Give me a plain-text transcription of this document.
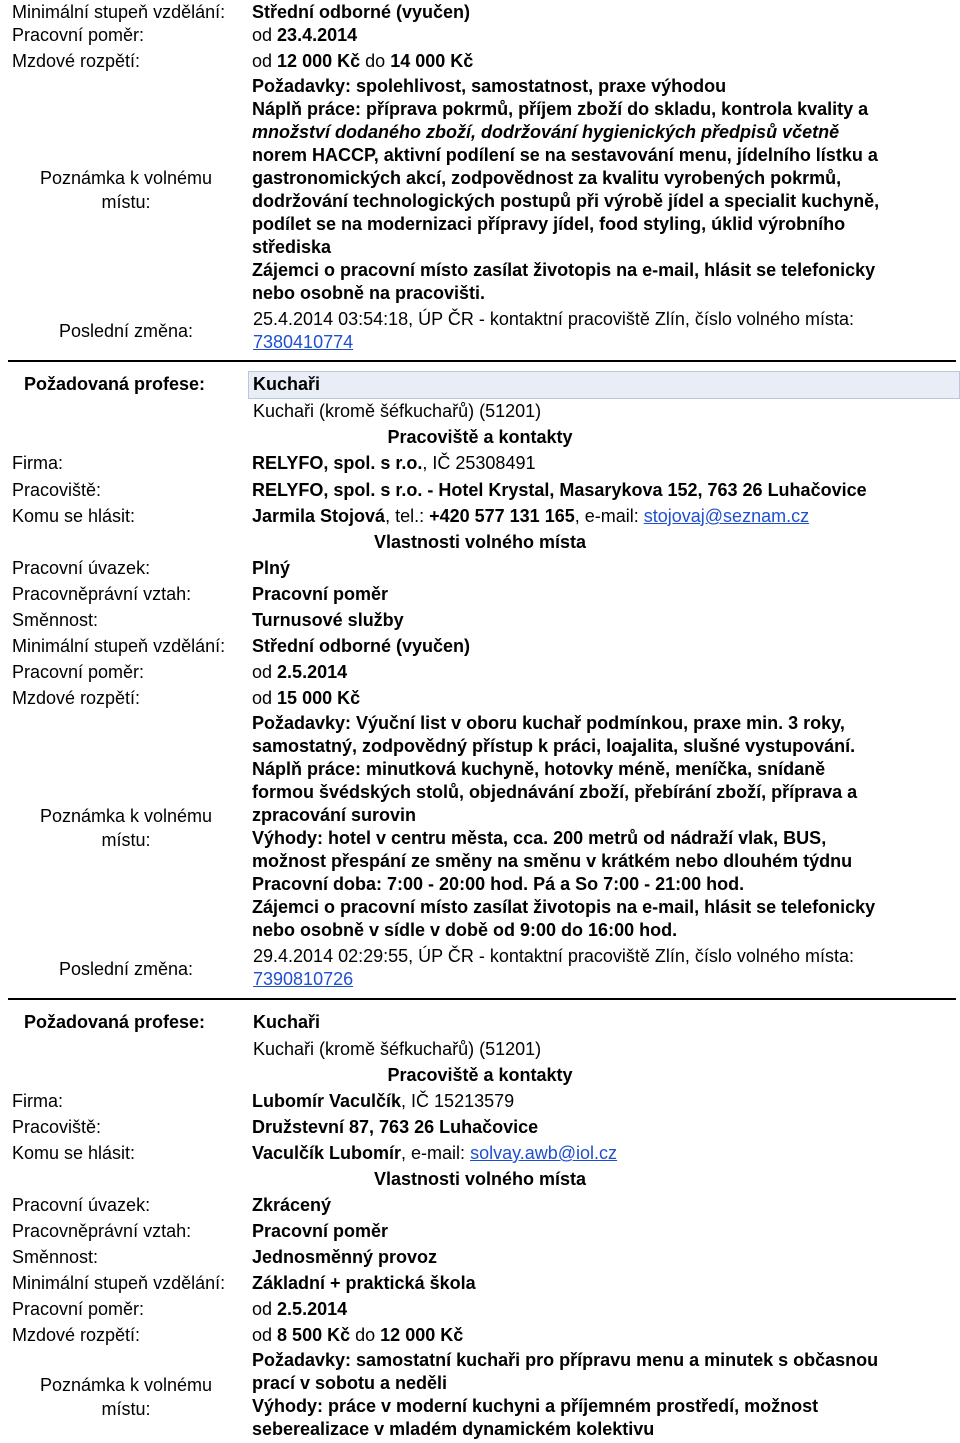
Minimální stupeň vzdělání: Střední odborné (vyučen)
Pracovní poměr:	od 23.4.2014
Mzdové rozpětí:	od 12 000 Kč do 14 000 Kč
Poznámka k volnému
místu:
Požadavky: spolehlivost, samostatnost, praxe výhodou
Náplň práce: příprava pokrmů, příjem zboží do skladu, kontrola kvality a
množství dodaného zboží, dodržování hygienických předpisů včetně
norem HACCP, aktivní podílení se na sestavování menu, jídelního lístku a
gastronomických akcí, zodpovědnost za kvalitu vyrobených pokrmů,
dodržování technologických postupů při výrobě jídel a specialit kuchyně,
podílet se na modernizaci přípravy jídel, food styling, úklid výrobního
střediska
Zájemci o pracovní místo zasílat životopis na e-mail, hlásit se telefonicky
nebo osobně na pracovišti.
Poslední změna:
25.4.2014 03:54:18, ÚP ČR - kontaktní pracoviště Zlín, číslo volného místa:
7380410774
Požadovaná profese:	Kuchaři
Kuchaři (kromě šéfkuchařů) (51201)
Pracoviště a kontakty
Firma:	RELYFO, spol. s r.o., IČ 25308491
Pracoviště:	RELYFO, spol. s r.o. - Hotel Krystal, Masarykova 152, 763 26 Luhačovice
Komu se hlásit:	Jarmila Stojová, tel.: +420 577 131 165, e-mail: stojovaj@seznam.cz
Vlastnosti volného místa
Pracovní úvazek:	Plný
Pracovněprávní vztah:	Pracovní poměr
Směnnost:	Turnusové služby
Minimální stupeň vzdělání: Střední odborné (vyučen)
Pracovní poměr:	od 2.5.2014
Mzdové rozpětí:	od 15 000 Kč
Poznámka k volnému
místu:
Požadavky: Výuční list v oboru kuchař podmínkou, praxe min. 3 roky,
samostatný, zodpovědný přístup k práci, loajalita, slušné vystupování.
Náplň práce: minutková kuchyně, hotovky méně, meníčka, snídaně
formou švédských stolů, objednávání zboží, přebírání zboží, příprava a
zpracování surovin
Výhody: hotel v centru města, cca. 200 metrů od nádraží vlak, BUS,
možnost přespání ze směny na směnu v krátkém nebo dlouhém týdnu
Pracovní doba: 7:00 - 20:00 hod. Pá a So 7:00 - 21:00 hod.
Zájemci o pracovní místo zasílat životopis na e-mail, hlásit se telefonicky
nebo osobně v sídle v době od 9:00 do 16:00 hod.
Poslední změna:
29.4.2014 02:29:55, ÚP ČR - kontaktní pracoviště Zlín, číslo volného místa:
7390810726
Požadovaná profese:	Kuchaři
Kuchaři (kromě šéfkuchařů) (51201)
Pracoviště a kontakty
Firma:	Lubomír Vaculčík, IČ 15213579
Pracoviště:	Družstevní 87, 763 26 Luhačovice
Komu se hlásit:	Vaculčík Lubomír, e-mail: solvay.awb@iol.cz
Vlastnosti volného místa
Pracovní úvazek:	Zkrácený
Pracovněprávní vztah:	Pracovní poměr
Směnnost:	Jednosměnný provoz
Minimální stupeň vzdělání: Základní + praktická škola
Pracovní poměr:	od 2.5.2014
Mzdové rozpětí:	od 8 500 Kč do 12 000 Kč
Poznámka k volnému
místu:
Požadavky: samostatní kuchaři pro přípravu menu a minutek s občasnou
prací v sobotu a neděli
Výhody: práce v moderní kuchyni a příjemném prostředí, možnost
seberealizace v mladém dynamickém kolektivu
